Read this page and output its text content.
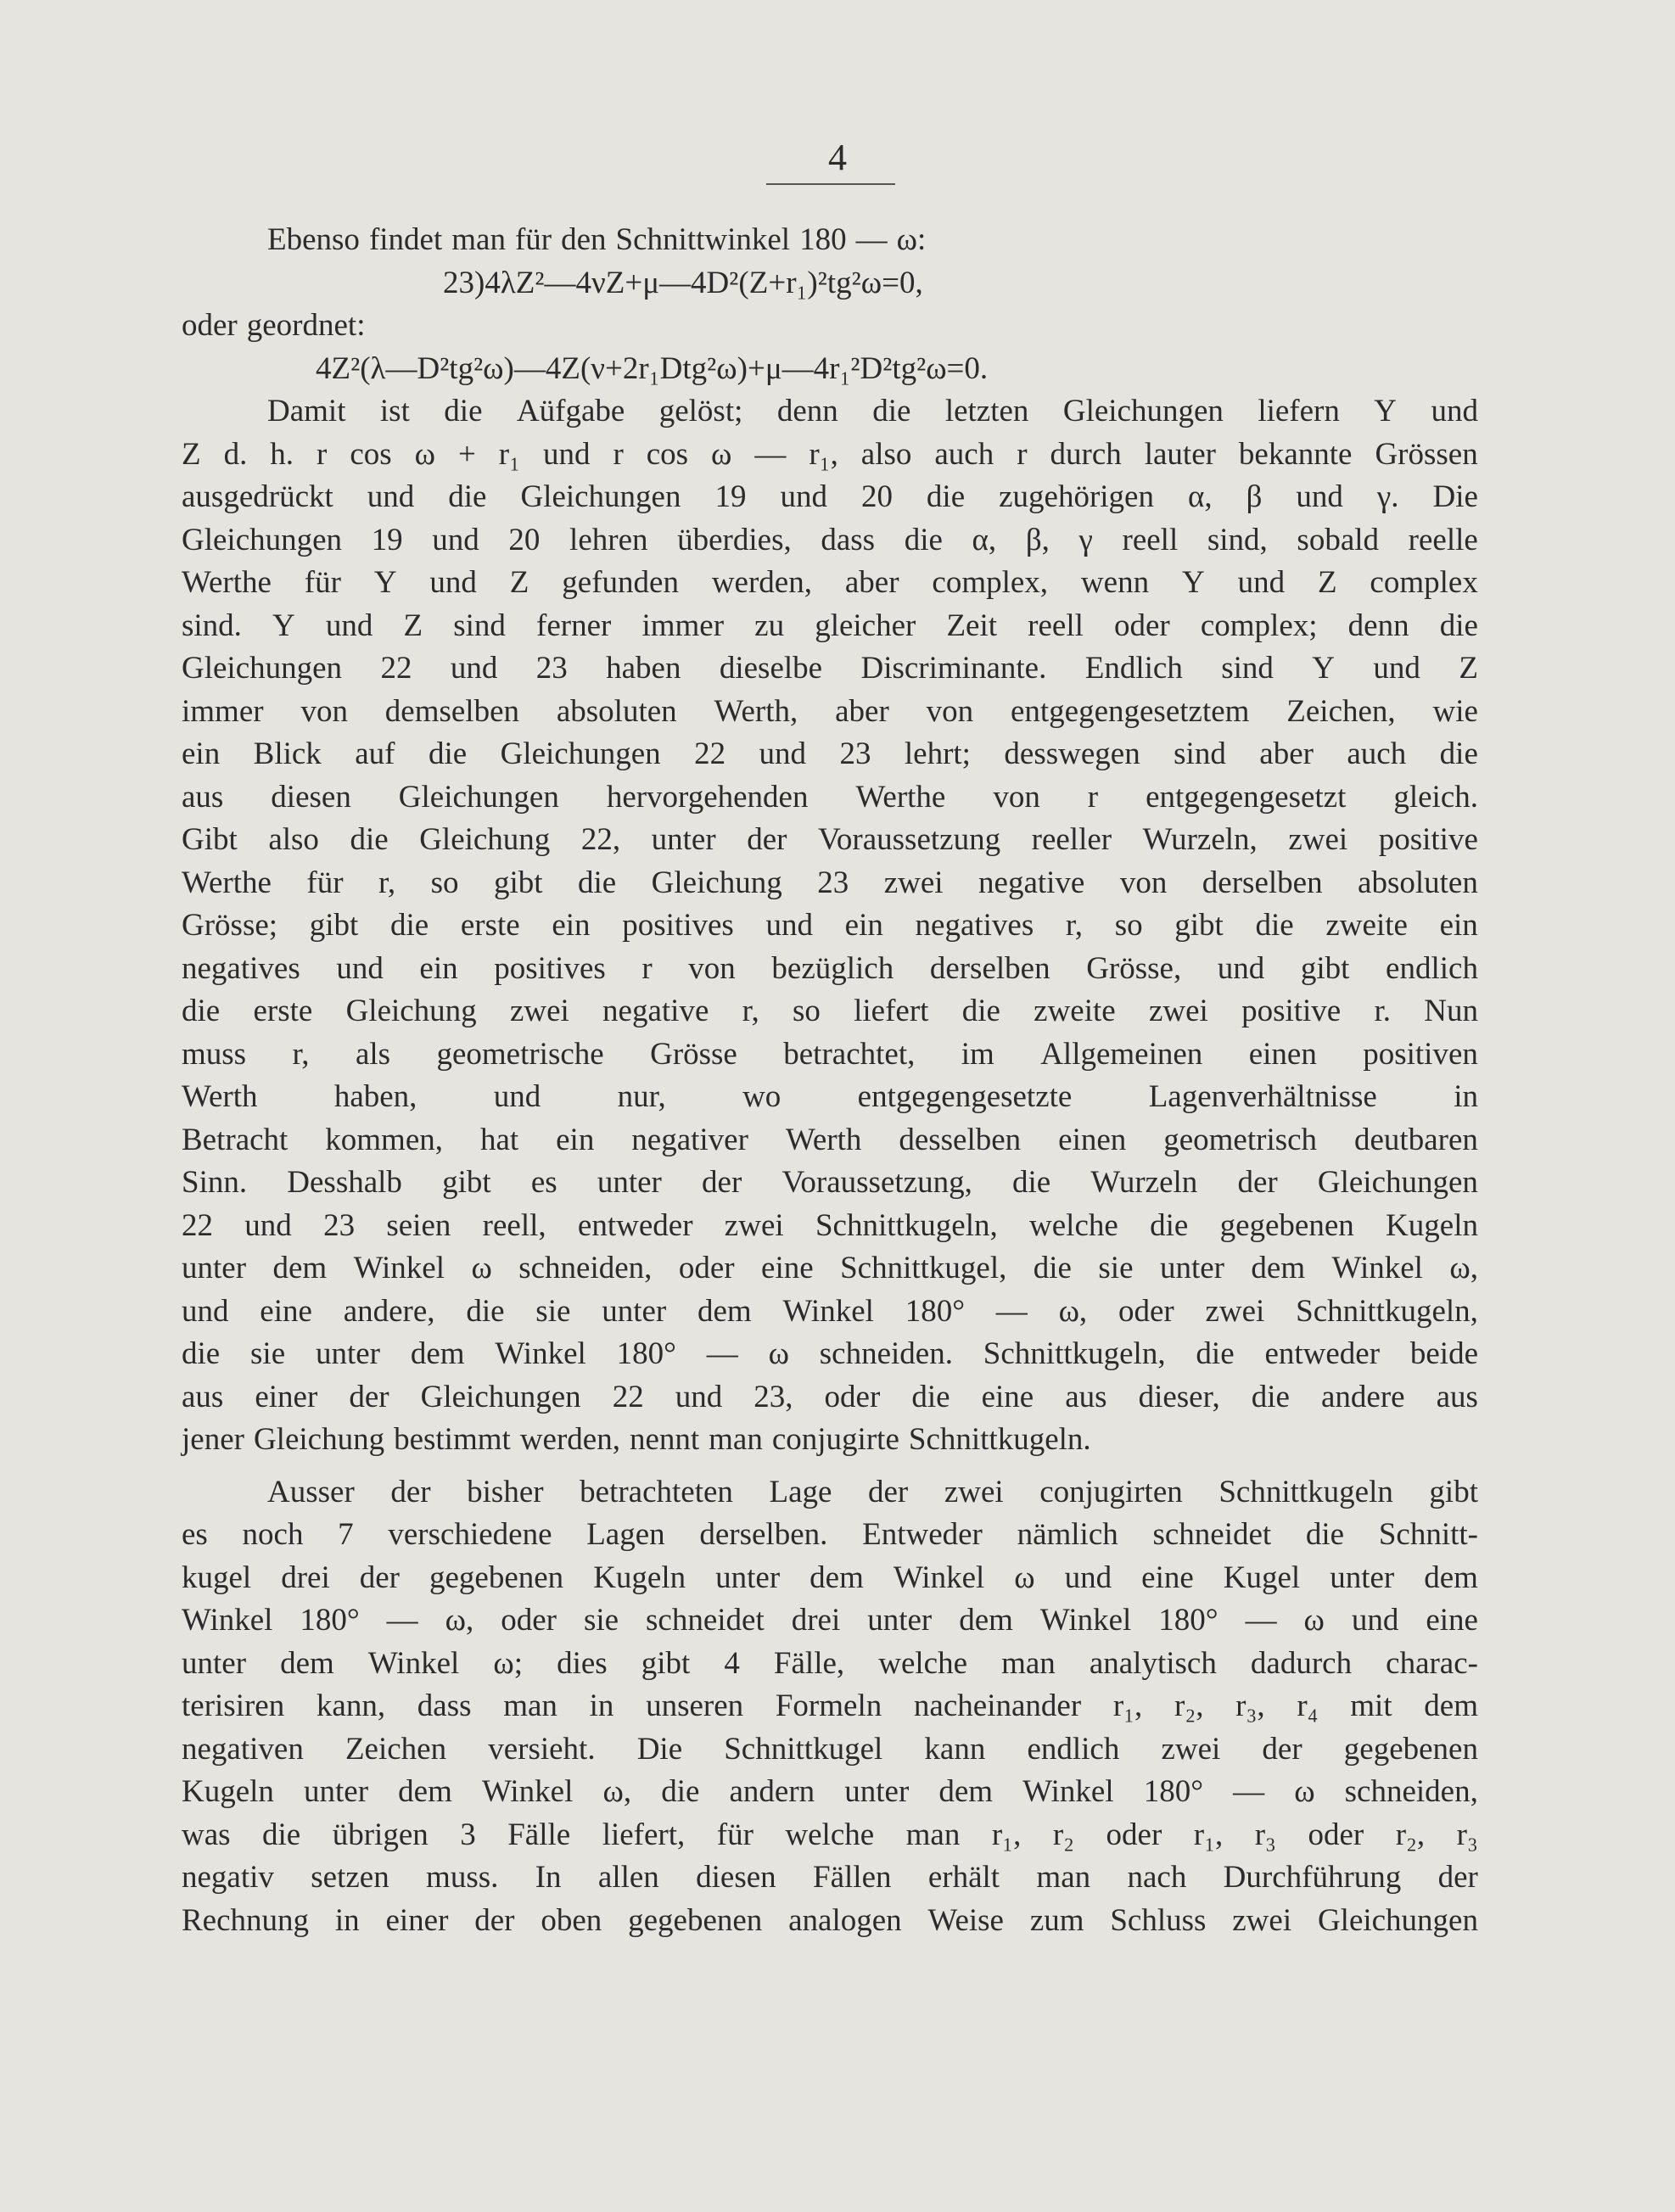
4
Ebenso findet man für den Schnittwinkel 180 — ω:
23) 4 λ Z² — 4 ν Z + μ — 4 D² (Z + r₁)² tg² ω = 0,
oder geordnet:
4 Z² (λ — D² tg² ω) — 4 Z (ν + 2 r₁ D tg² ω) + μ — 4 r₁² D² tg² ω = 0.
Damit ist die Aüfgabe gelöst; denn die letzten Gleichungen liefern Y und
Z d. h. r cos ω + r₁ und r cos ω — r₁, also auch r durch lauter bekannte Grössen
ausgedrückt und die Gleichungen 19 und 20 die zugehörigen α, β und γ. Die
Gleichungen 19 und 20 lehren überdies, dass die α, β, γ reell sind, sobald reelle
Werthe für Y und Z gefunden werden, aber complex, wenn Y und Z complex
sind. Y und Z sind ferner immer zu gleicher Zeit reell oder complex; denn die
Gleichungen 22 und 23 haben dieselbe Discriminante. Endlich sind Y und Z
immer von demselben absoluten Werth, aber von entgegengesetztem Zeichen, wie
ein Blick auf die Gleichungen 22 und 23 lehrt; desswegen sind aber auch die
aus diesen Gleichungen hervorgehenden Werthe von r entgegengesetzt gleich.
Gibt also die Gleichung 22, unter der Voraussetzung reeller Wurzeln, zwei positive
Werthe für r, so gibt die Gleichung 23 zwei negative von derselben absoluten
Grösse; gibt die erste ein positives und ein negatives r, so gibt die zweite ein
negatives und ein positives r von bezüglich derselben Grösse, und gibt endlich
die erste Gleichung zwei negative r, so liefert die zweite zwei positive r. Nun
muss r, als geometrische Grösse betrachtet, im Allgemeinen einen positiven
Werth haben, und nur, wo entgegengesetzte Lagenverhältnisse in
Betracht kommen, hat ein negativer Werth desselben einen geometrisch deutbaren
Sinn. Desshalb gibt es unter der Voraussetzung, die Wurzeln der Gleichungen
22 und 23 seien reell, entweder zwei Schnittkugeln, welche die gegebenen Kugeln
unter dem Winkel ω schneiden, oder eine Schnittkugel, die sie unter dem Winkel ω,
und eine andere, die sie unter dem Winkel 180° — ω, oder zwei Schnittkugeln,
die sie unter dem Winkel 180° — ω schneiden. Schnittkugeln, die entweder beide
aus einer der Gleichungen 22 und 23, oder die eine aus dieser, die andere aus
jener Gleichung bestimmt werden, nennt man conjugirte Schnittkugeln.
Ausser der bisher betrachteten Lage der zwei conjugirten Schnittkugeln gibt
es noch 7 verschiedene Lagen derselben. Entweder nämlich schneidet die Schnitt-
kugel drei der gegebenen Kugeln unter dem Winkel ω und eine Kugel unter dem
Winkel 180° — ω, oder sie schneidet drei unter dem Winkel 180° — ω und eine
unter dem Winkel ω; dies gibt 4 Fälle, welche man analytisch dadurch charac-
terisiren kann, dass man in unseren Formeln nacheinander r₁, r₂, r₃, r₄ mit dem
negativen Zeichen versieht. Die Schnittkugel kann endlich zwei der gegebenen
Kugeln unter dem Winkel ω, die andern unter dem Winkel 180° — ω schneiden,
was die übrigen 3 Fälle liefert, für welche man r₁, r₂ oder r₁, r₃ oder r₂, r₃
negativ setzen muss. In allen diesen Fällen erhält man nach Durchführung der
Rechnung in einer der oben gegebenen analogen Weise zum Schluss zwei Gleichungen
